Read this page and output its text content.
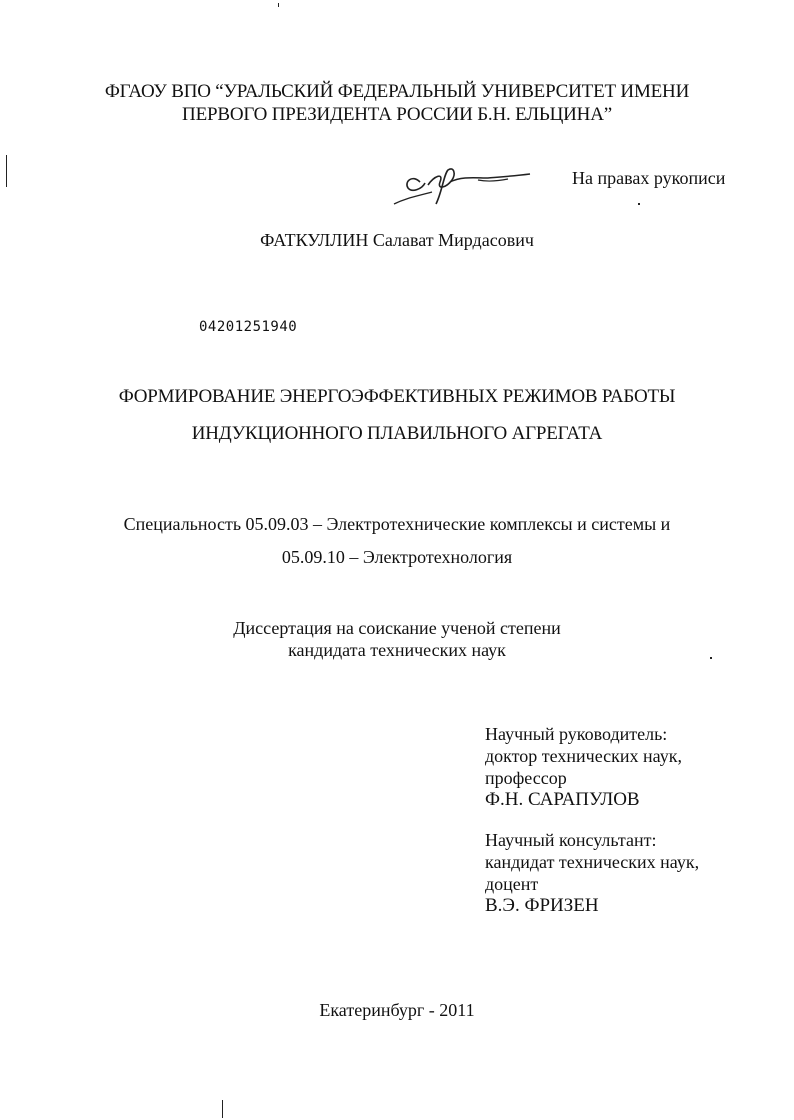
ФГАОУ ВПО “УРАЛЬСКИЙ ФЕДЕРАЛЬНЫЙ УНИВЕРСИТЕТ ИМЕНИ
ПЕРВОГО ПРЕЗИДЕНТА РОССИИ Б.Н. ЕЛЬЦИНА”
На правах рукописи
ФАТКУЛЛИН Салават Мирдасович
04201251940
ФОРМИРОВАНИЕ ЭНЕРГОЭФФЕКТИВНЫХ РЕЖИМОВ РАБОТЫ
ИНДУКЦИОННОГО ПЛАВИЛЬНОГО АГРЕГАТА
Специальность 05.09.03 – Электротехнические комплексы и системы и
05.09.10 – Электротехнология
Диссертация на соискание ученой степени
кандидата технических наук
Научный руководитель:
доктор технических наук,
профессор
Ф.Н. САРАПУЛОВ
Научный консультант:
кандидат технических наук,
доцент
В.Э. ФРИЗЕН
Екатеринбург - 2011
